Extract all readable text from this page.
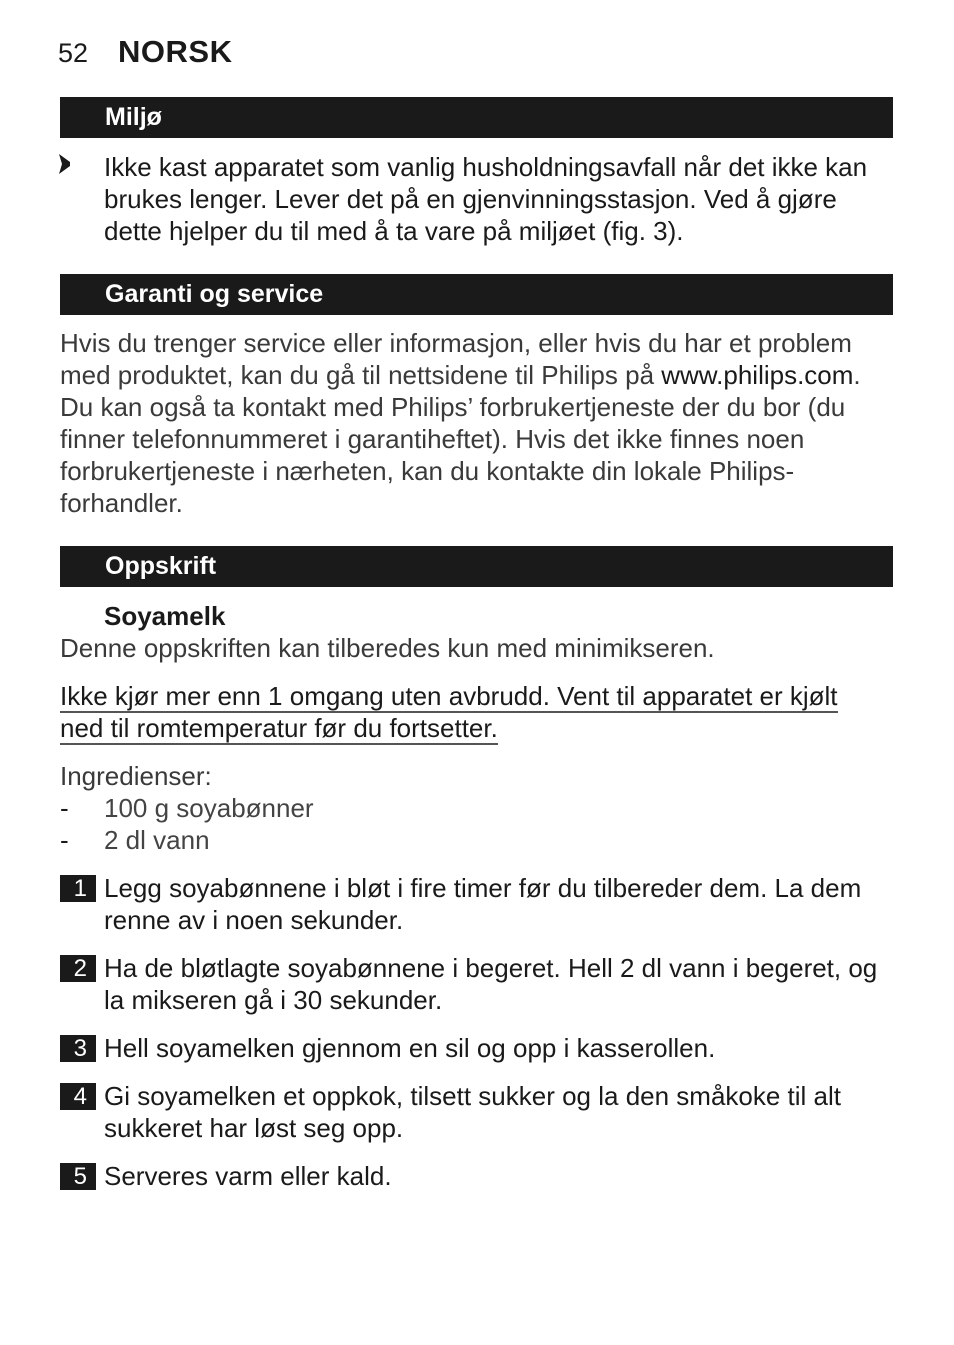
52 NORSK
Miljø

Ikke kast apparatet som vanlig husholdningsavfall når det ikke kan brukes lenger. Lever det på en gjenvinningsstasjon. Ved å gjøre dette hjelper du til med å ta vare på miljøet (fig. 3).

Garanti og service

Hvis du trenger service eller informasjon, eller hvis du har et problem med produktet, kan du gå til nettsidene til Philips på www.philips.com. Du kan også ta kontakt med Philips’ forbrukertjeneste der du bor (du finner telefonnummeret i garantiheftet). Hvis det ikke finnes noen forbrukertjeneste i nærheten, kan du kontakte din lokale Philips-forhandler.

Oppskrift
Soyamelk
Denne oppskriften kan tilberedes kun med minimikseren.
Ikke kjør mer enn 1 omgang uten avbrudd. Vent til apparatet er kjølt
ned til romtemperatur før du fortsetter.
Ingredienser:
- 100 g soyabønner
- 2 dl vann
1 Legg soyabønnene i bløt i fire timer før du tilbereder dem. La dem renne av i noen sekunder.
2 Ha de bløtlagte soyabønnene i begeret. Hell 2 dl vann i begeret, og la mikseren gå i 30 sekunder.
3 Hell soyamelken gjennom en sil og opp i kasserollen.
4 Gi soyamelken et oppkok, tilsett sukker og la den småkoke til alt sukkeret har løst seg opp.
5 Serveres varm eller kald.
